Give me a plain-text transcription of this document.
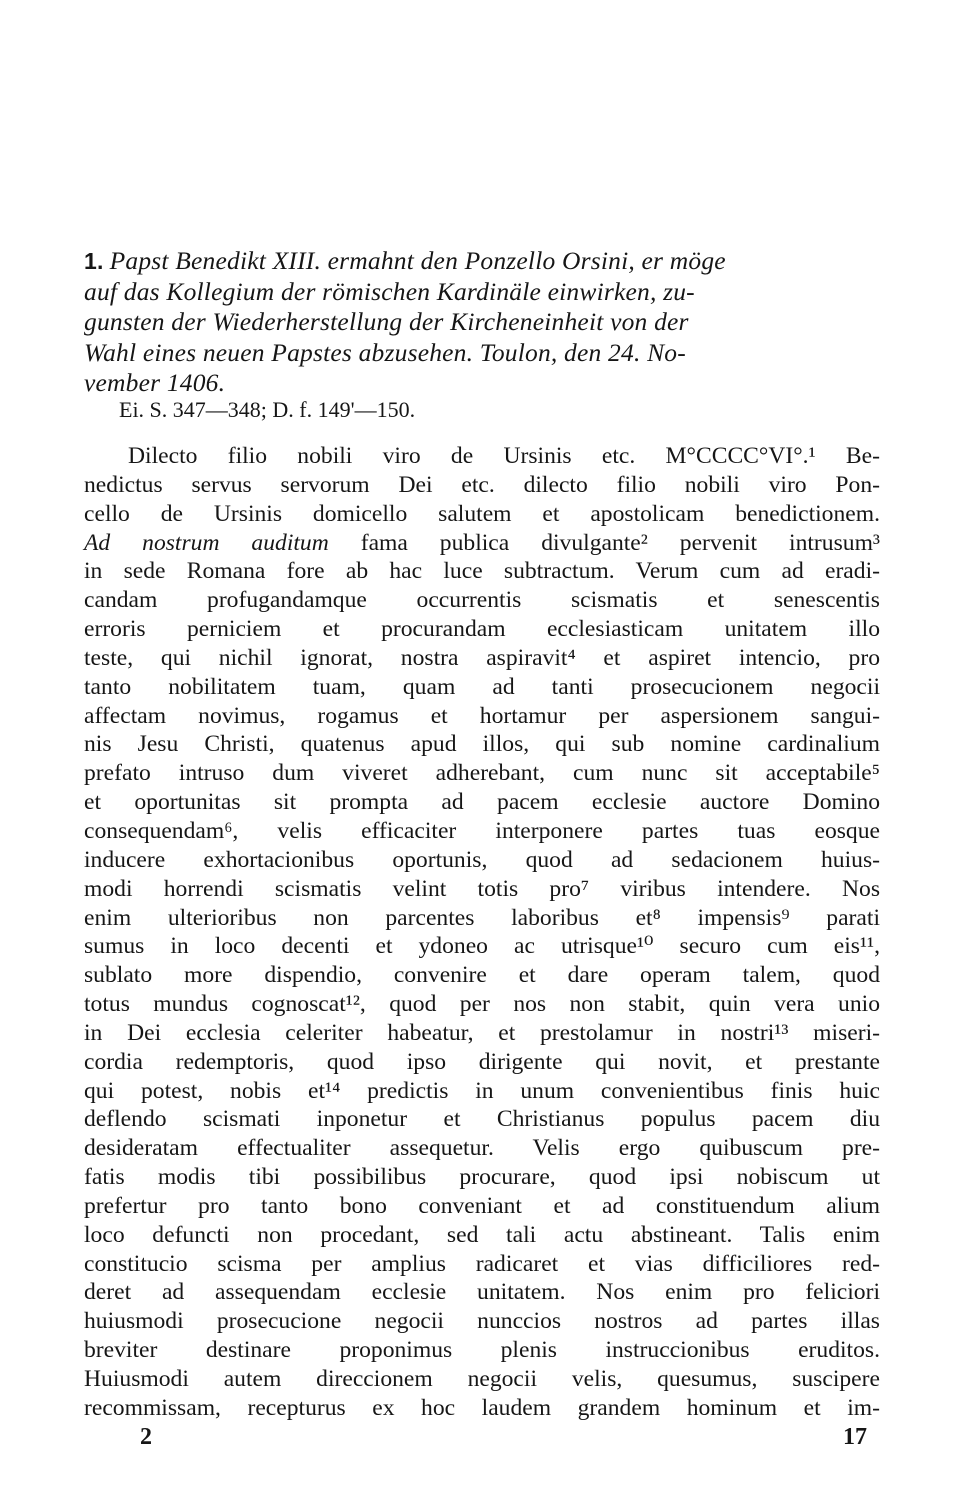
1. Papst Benedikt XIII. ermahnt den Ponzello Orsini, er möge
auf das Kollegium der römischen Kardinäle einwirken, zu-
gunsten der Wiederherstellung der Kircheneinheit von der
Wahl eines neuen Papstes abzusehen. Toulon, den 24. No-
vember 1406.
Ei. S. 347—348; D. f. 149'—150.
Dilecto filio nobili viro de Ursinis etc. M°CCCC°VI°.¹ Be-
nedictus servus servorum Dei etc. dilecto filio nobili viro Pon-
cello de Ursinis domicello salutem et apostolicam benedictionem.
Ad nostrum auditum fama publica divulgante² pervenit intrusum³
in sede Romana fore ab hac luce subtractum. Verum cum ad eradi-
candam profugandamque occurrentis scismatis et senescentis
erroris perniciem et procurandam ecclesiasticam unitatem illo
teste, qui nichil ignorat, nostra aspiravit⁴ et aspiret intencio, pro
tanto nobilitatem tuam, quam ad tanti prosecucionem negocii
affectam novimus, rogamus et hortamur per aspersionem sangui-
nis Jesu Christi, quatenus apud illos, qui sub nomine cardinalium
prefato intruso dum viveret adherebant, cum nunc sit acceptabile⁵
et oportunitas sit prompta ad pacem ecclesie auctore Domino
consequendam⁶, velis efficaciter interponere partes tuas eosque
inducere exhortacionibus oportunis, quod ad sedacionem huius-
modi horrendi scismatis velint totis pro⁷ viribus intendere. Nos
enim ulterioribus non parcentes laboribus et⁸ impensis⁹ parati
sumus in loco decenti et ydoneo ac utrisque¹⁰ securo cum eis¹¹,
sublato more dispendio, convenire et dare operam talem, quod
totus mundus cognoscat¹², quod per nos non stabit, quin vera unio
in Dei ecclesia celeriter habeatur, et prestolamur in nostri¹³ miseri-
cordia redemptoris, quod ipso dirigente qui novit, et prestante
qui potest, nobis et¹⁴ predictis in unum convenientibus finis huic
deflendo scismati inponetur et Christianus populus pacem diu
desideratam effectualiter assequetur. Velis ergo quibuscum pre-
fatis modis tibi possibilibus procurare, quod ipsi nobiscum ut
prefertur pro tanto bono conveniant et ad constituendum alium
loco defuncti non procedant, sed tali actu abstineant. Talis enim
constitucio scisma per amplius radicaret et vias difficiliores red-
deret ad assequendam ecclesie unitatem. Nos enim pro feliciori
huiusmodi prosecucione negocii nunccios nostros ad partes illas
breviter destinare proponimus plenis instruccionibus eruditos.
Huiusmodi autem direccionem negocii velis, quesumus, suscipere
recommissam, recepturus ex hoc laudem grandem hominum et im-
2	17
